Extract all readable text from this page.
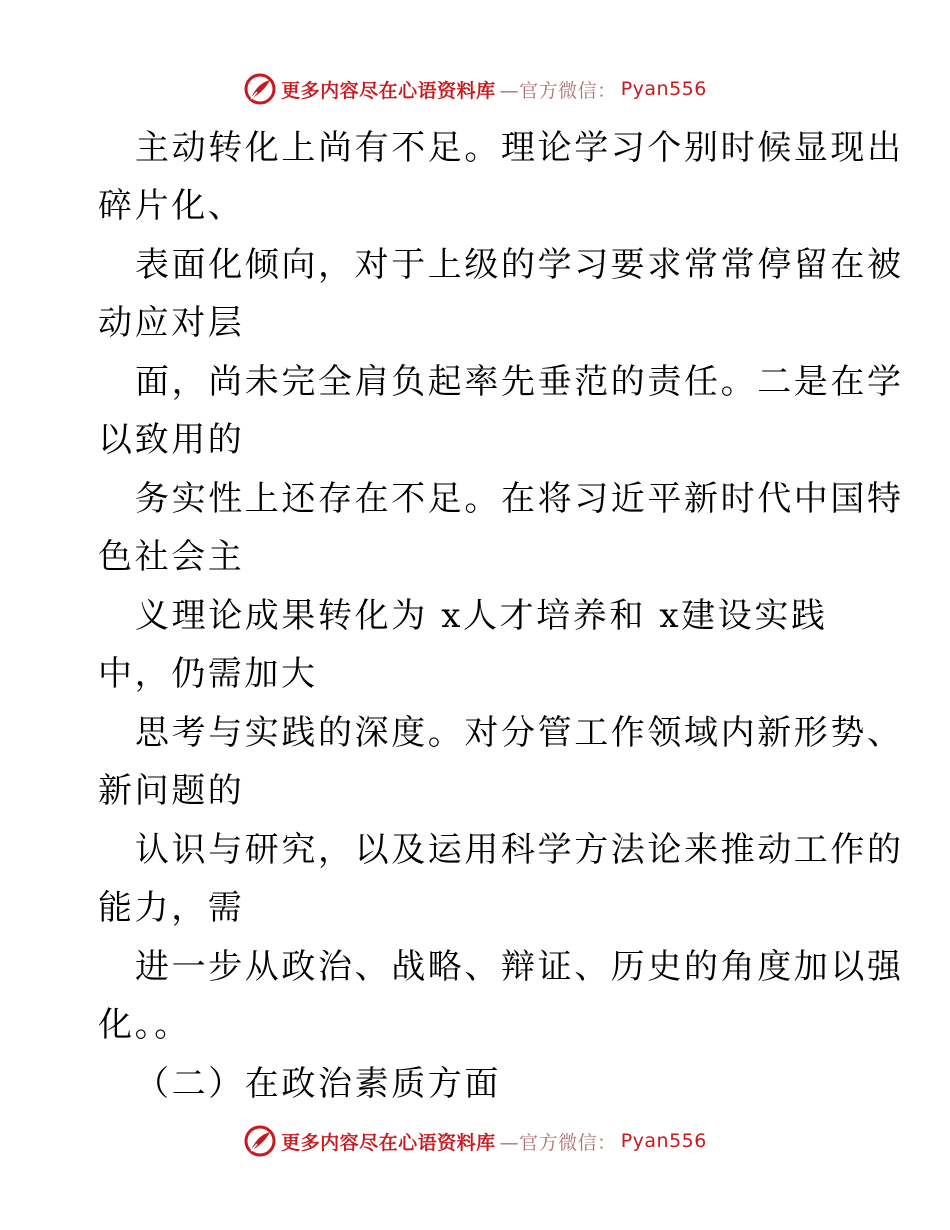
更多内容尽在心语资料库 —官方微信： Pyan556
主动转化上尚有不足。理论学习个别时候显现出
碎片化、
表面化倾向，对于上级的学习要求常常停留在被
动应对层
面，尚未完全肩负起率先垂范的责任。二是在学
以致用的
务实性上还存在不足。在将习近平新时代中国特
色社会主
义理论成果转化为 x人才培养和 x建设实践
中，仍需加大
思考与实践的深度。对分管工作领域内新形势、
新问题的
认识与研究，以及运用科学方法论来推动工作的
能力，需
进一步从政治、战略、辩证、历史的角度加以强
化。。
（二）在政治素质方面
更多内容尽在心语资料库 —官方微信： Pyan556
